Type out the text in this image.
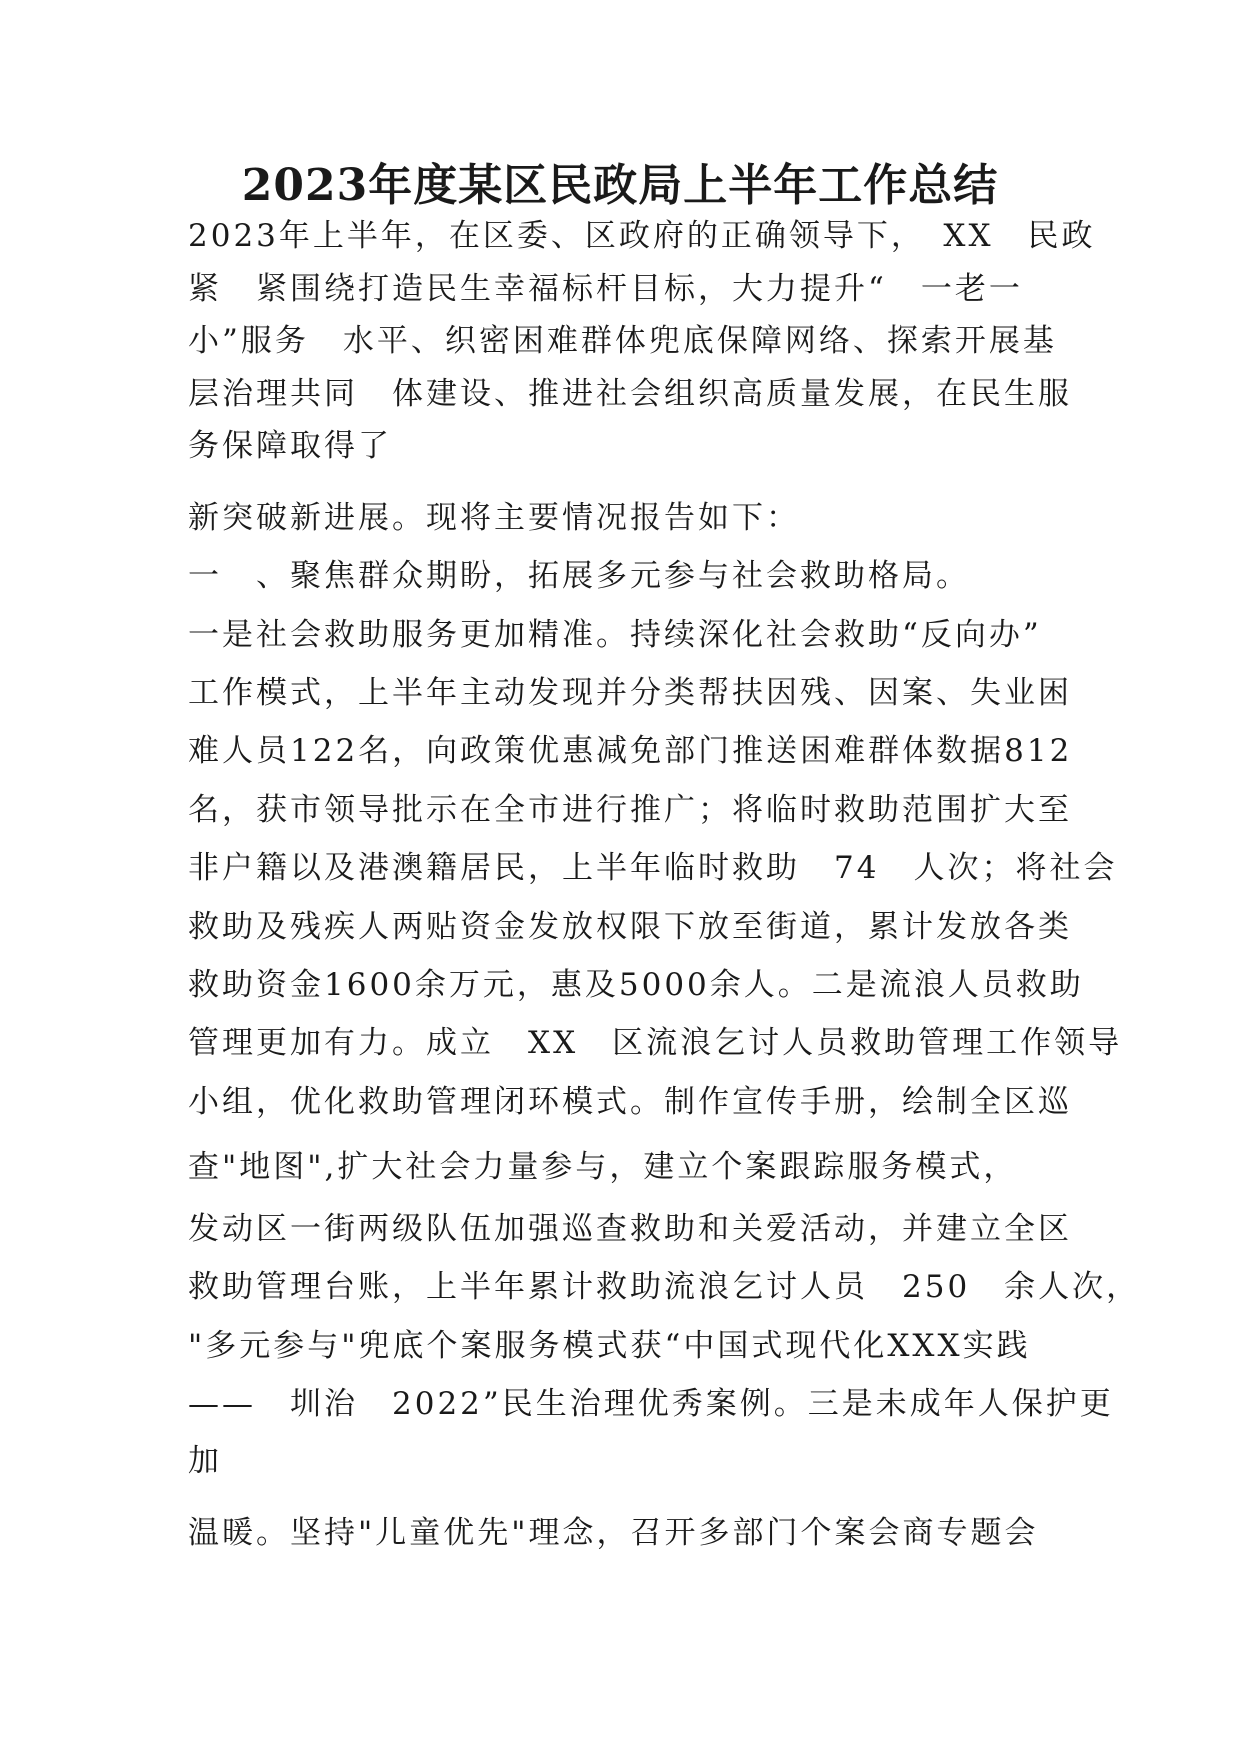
2023年度某区民政局上半年工作总结
2023年上半年，在区委、区政府的正确领导下，　XX　民政
紧　紧围绕打造民生幸福标杆目标，大力提升“　一老一
小”服务　水平、织密困难群体兜底保障网络、探索开展基
层治理共同　体建设、推进社会组织高质量发展，在民生服
务保障取得了
新突破新进展。现将主要情况报告如下：
一　、聚焦群众期盼，拓展多元参与社会救助格局。
一是社会救助服务更加精准。持续深化社会救助“反向办”
工作模式，上半年主动发现并分类帮扶因残、因案、失业困
难人员122名，向政策优惠减免部门推送困难群体数据812
名，获市领导批示在全市进行推广；将临时救助范围扩大至
非户籍以及港澳籍居民，上半年临时救助　74　人次；将社会
救助及残疾人两贴资金发放权限下放至街道，累计发放各类
救助资金1600余万元，惠及5000余人。二是流浪人员救助
管理更加有力。成立　XX　区流浪乞讨人员救助管理工作领导
小组，优化救助管理闭环模式。制作宣传手册，绘制全区巡
查"地图",扩大社会力量参与，建立个案跟踪服务模式，
发动区一街两级队伍加强巡查救助和关爱活动，并建立全区
救助管理台账，上半年累计救助流浪乞讨人员　250　余人次，
"多元参与"兜底个案服务模式获“中国式现代化XXX实践
——　圳治　2022”民生治理优秀案例。三是未成年人保护更
加
温暖。坚持"儿童优先"理念，召开多部门个案会商专题会
